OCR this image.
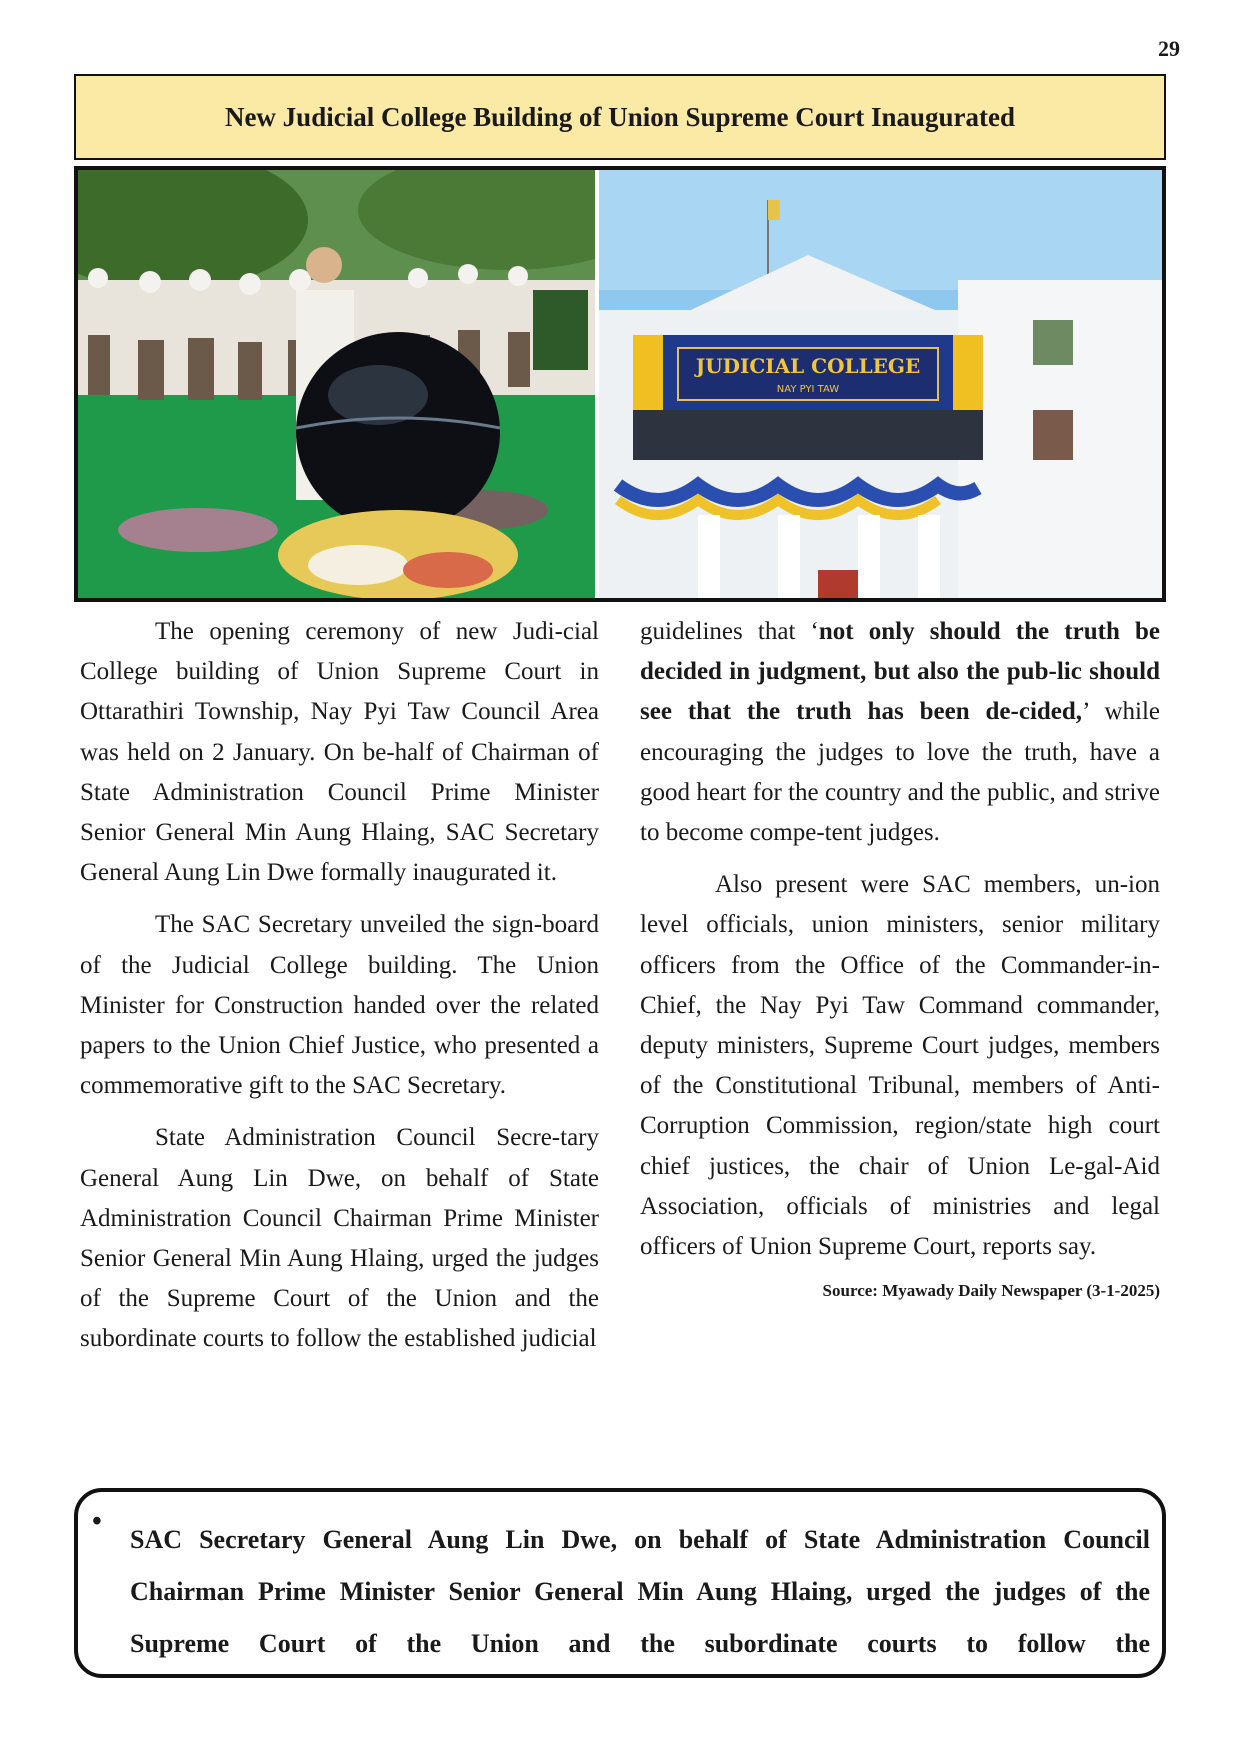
29
New Judicial College Building of Union Supreme Court Inaugurated
JUDICIAL COLLEGE
NAY PYI TAW

The opening ceremony of new Judi-cial College building of Union Supreme Court in Ottarathiri Township, Nay Pyi Taw Council Area was held on 2 January. On be-half of Chairman of State Administration Council Prime Minister Senior General Min Aung Hlaing, SAC Secretary General Aung Lin Dwe formally inaugurated it.

The SAC Secretary unveiled the sign-board of the Judicial College building. The Union Minister for Construction handed over the related papers to the Union Chief Justice, who presented a commemorative gift to the SAC Secretary.

State Administration Council Secre-tary General Aung Lin Dwe, on behalf of State Administration Council Chairman Prime Minister Senior General Min Aung Hlaing, urged the judges of the Supreme Court of the Union and the subordinate courts to follow the established judicial

guidelines that ‘not only should the truth be decided in judgment, but also the pub-lic should see that the truth has been de-cided,’ while encouraging the judges to love the truth, have a good heart for the country and the public, and strive to become compe-tent judges.

Also present were SAC members, un-ion level officials, union ministers, senior military officers from the Office of the Commander-in-Chief, the Nay Pyi Taw Command commander, deputy ministers, Supreme Court judges, members of the Constitutional Tribunal, members of Anti-Corruption Commission, region/state high court chief justices, the chair of Union Le-gal-Aid Association, officials of ministries and legal officers of Union Supreme Court, reports say.

Source: Myawady Daily Newspaper (3-1-2025)
•
SAC Secretary General Aung Lin Dwe, on behalf of State Administration Council Chairman Prime Minister Senior General Min Aung Hlaing, urged the judges of the Supreme Court of the Union and the subordinate courts to follow the
